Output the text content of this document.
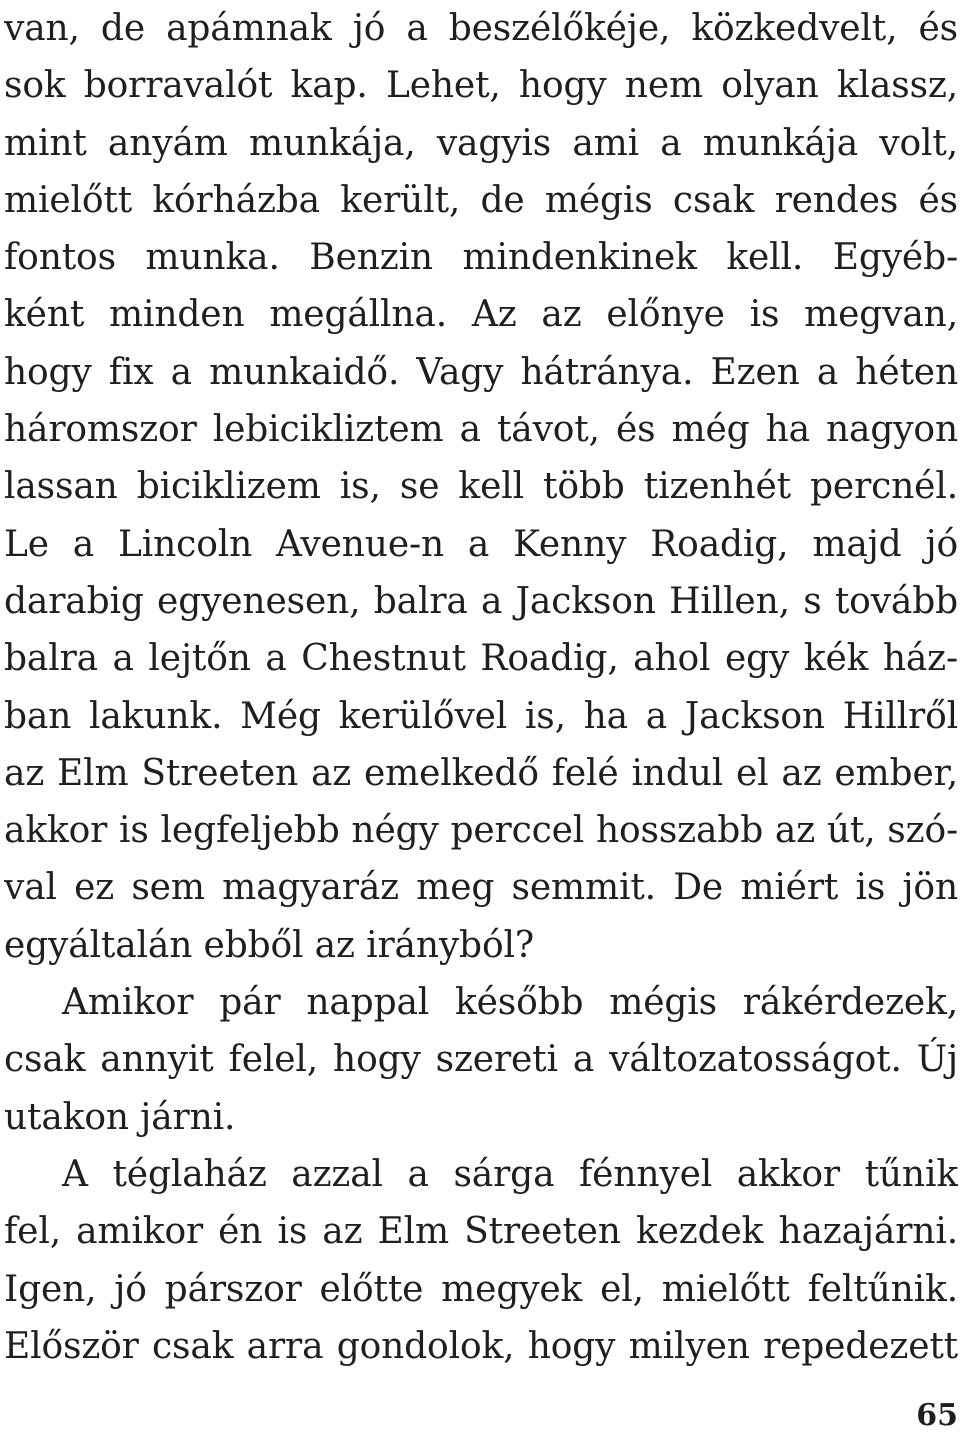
van, de apámnak jó a beszélőkéje, közkedvelt, és
sok borravalót kap. Lehet, hogy nem olyan klassz,
mint anyám munkája, vagyis ami a munkája volt,
mielőtt kórházba került, de mégis csak rendes és
fontos munka. Benzin mindenkinek kell. Egyéb-
ként minden megállna. Az az előnye is megvan,
hogy fix a munkaidő. Vagy hátránya. Ezen a héten
háromszor lebicikliztem a távot, és még ha nagyon
lassan biciklizem is, se kell több tizenhét percnél.
Le a Lincoln Avenue-n a Kenny Roadig, majd jó
darabig egyenesen, balra a Jackson Hillen, s tovább
balra a lejtőn a Chestnut Roadig, ahol egy kék ház-
ban lakunk. Még kerülővel is, ha a Jackson Hillről
az Elm Streeten az emelkedő felé indul el az ember,
akkor is legfeljebb négy perccel hosszabb az út, szó-
val ez sem magyaráz meg semmit. De miért is jön
egyáltalán ebből az irányból?
Amikor pár nappal később mégis rákérdezek,
csak annyit felel, hogy szereti a változatosságot. Új
utakon járni.
A téglaház azzal a sárga fénnyel akkor tűnik
fel, amikor én is az Elm Streeten kezdek hazajárni.
Igen, jó párszor előtte megyek el, mielőtt feltűnik.
Először csak arra gondolok, hogy milyen repedezett
65
